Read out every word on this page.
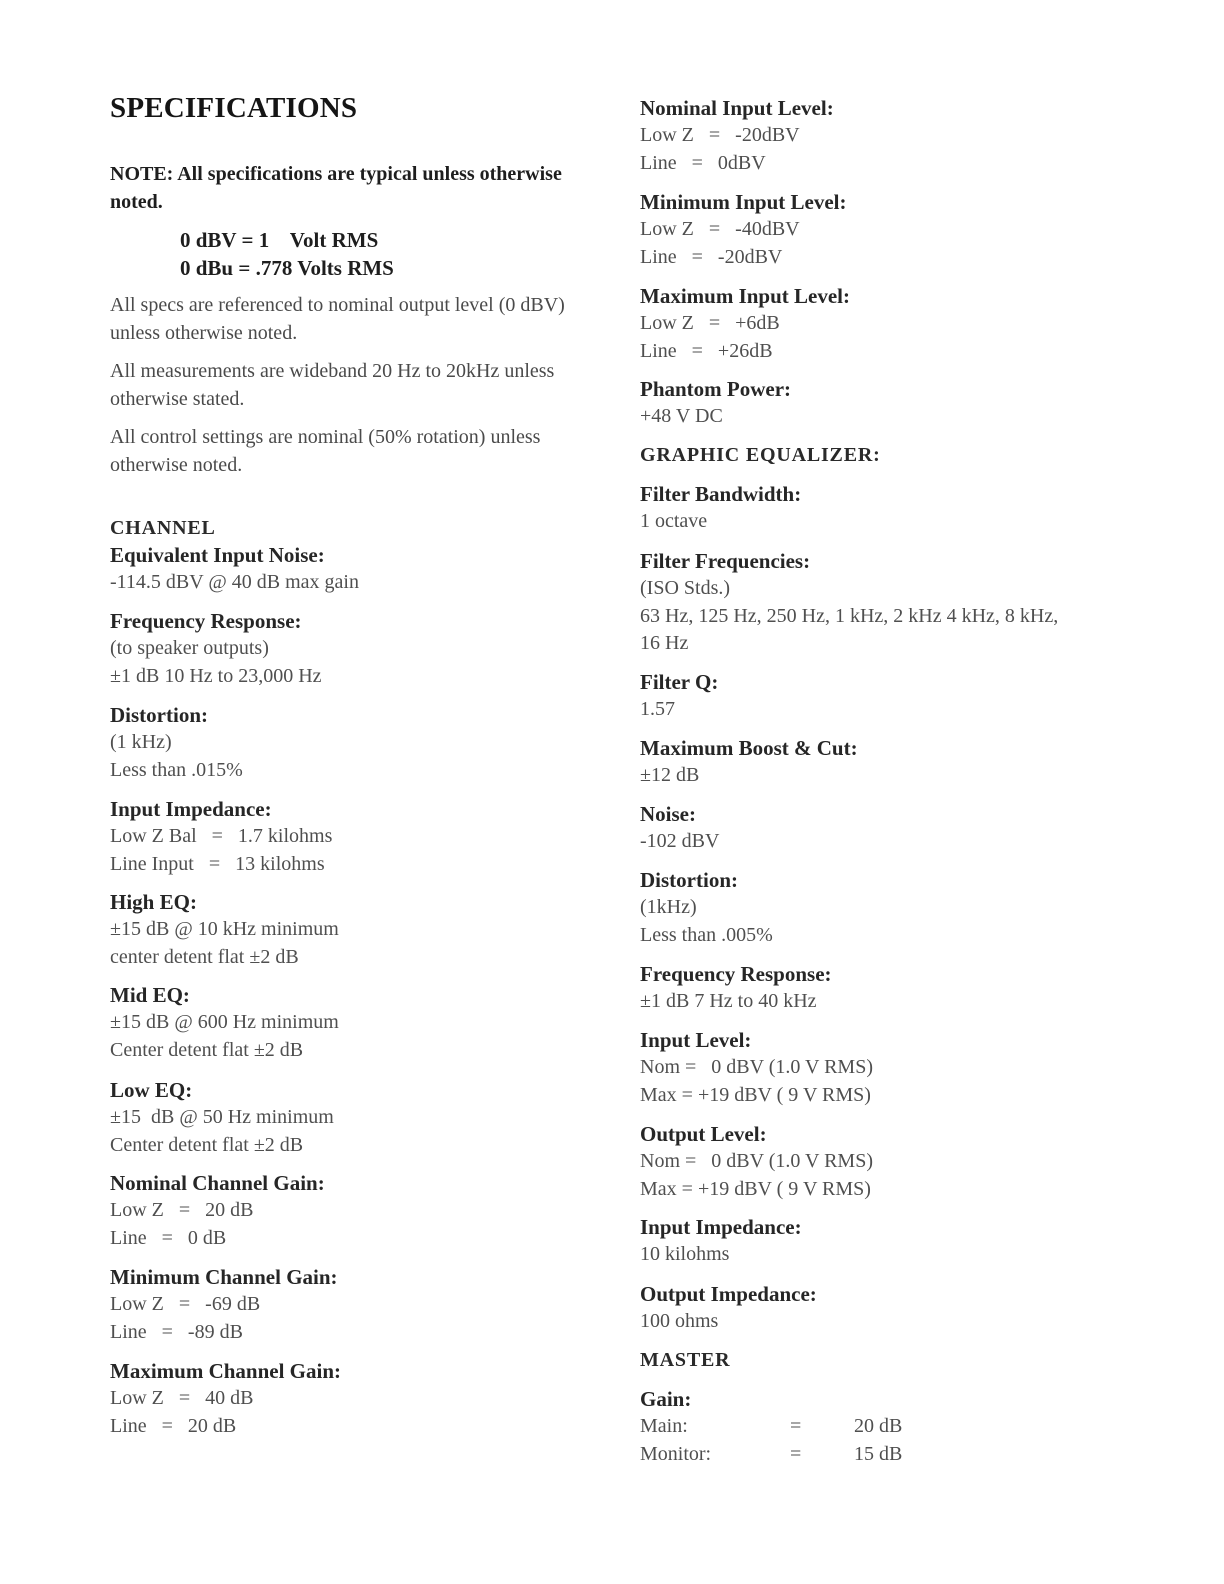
SPECIFICATIONS
NOTE: All specifications are typical unless otherwise noted.
0 dBV = 1    Volt RMS
0 dBu = .778 Volts RMS
All specs are referenced to nominal output level (0 dBV) unless otherwise noted.
All measurements are wideband 20 Hz to 20kHz unless otherwise stated.
All control settings are nominal (50% rotation) unless otherwise noted.
CHANNEL
Equivalent Input Noise:
-114.5 dBV @ 40 dB max gain
Frequency Response:
(to speaker outputs)
±1 dB 10 Hz to 23,000 Hz
Distortion:
(1 kHz)
Less than .015%
Input Impedance:
Low Z Bal   =   1.7 kilohms
Line Input   =   13 kilohms
High EQ:
±15 dB @ 10 kHz minimum
center detent flat ±2 dB
Mid EQ:
±15 dB @ 600 Hz minimum
Center detent flat ±2 dB
Low EQ:
±15  dB @ 50 Hz minimum
Center detent flat ±2 dB
Nominal Channel Gain:
Low Z   =   20 dB
Line   =   0 dB
Minimum Channel Gain:
Low Z   =   -69 dB
Line   =   -89 dB
Maximum Channel Gain:
Low Z   =   40 dB
Line   =   20 dB
Nominal Input Level:
Low Z   =   -20dBV
Line   =   0dBV
Minimum Input Level:
Low Z   =   -40dBV
Line   =   -20dBV
Maximum Input Level:
Low Z   =   +6dB
Line   =   +26dB
Phantom Power:
+48 V DC
GRAPHIC EQUALIZER:
Filter Bandwidth:
1 octave
Filter Frequencies:
(ISO Stds.)
63 Hz, 125 Hz, 250 Hz, 1 kHz, 2 kHz 4 kHz, 8 kHz,
16 Hz
Filter Q:
1.57
Maximum Boost & Cut:
±12 dB
Noise:
-102 dBV
Distortion:
(1kHz)
Less than .005%
Frequency Response:
±1 dB 7 Hz to 40 kHz
Input Level:
Nom =   0 dBV (1.0 V RMS)
Max = +19 dBV ( 9 V RMS)
Output Level:
Nom =   0 dBV (1.0 V RMS)
Max = +19 dBV ( 9 V RMS)
Input Impedance:
10 kilohms
Output Impedance:
100 ohms
MASTER
Gain:
Main:	=	20 dB
Monitor:	=	15 dB
